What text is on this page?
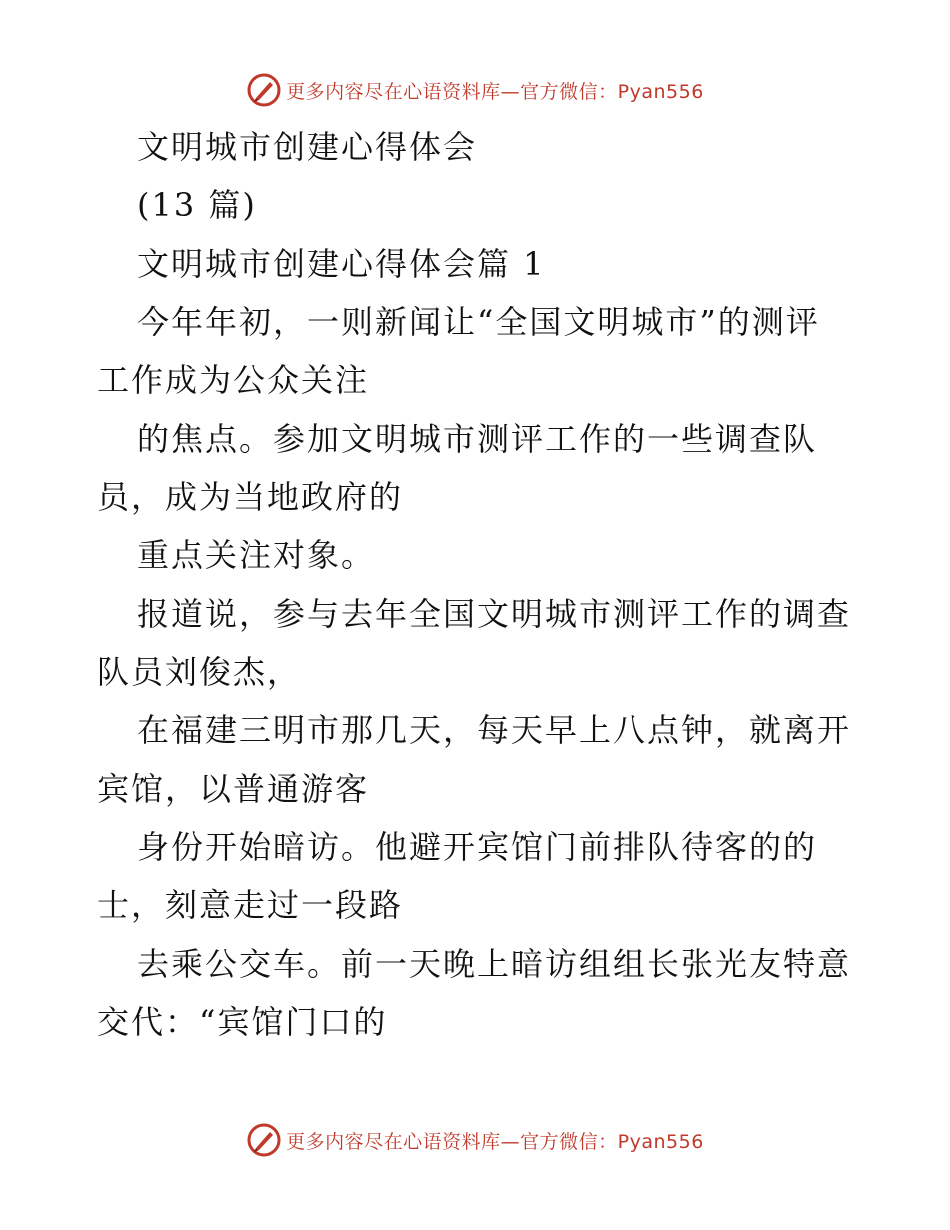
更多内容尽在心语资料库—官方微信：Pyan556
文明城市创建心得体会
(13 篇)
文明城市创建心得体会篇 1
今年年初，一则新闻让“全国文明城市”的测评
工作成为公众关注
的焦点。参加文明城市测评工作的一些调查队
员，成为当地政府的
重点关注对象。
报道说，参与去年全国文明城市测评工作的调查
队员刘俊杰，
在福建三明市那几天，每天早上八点钟，就离开
宾馆，以普通游客
身份开始暗访。他避开宾馆门前排队待客的的
士，刻意走过一段路
去乘公交车。前一天晚上暗访组组长张光友特意
交代：“宾馆门口的
更多内容尽在心语资料库—官方微信：Pyan556
